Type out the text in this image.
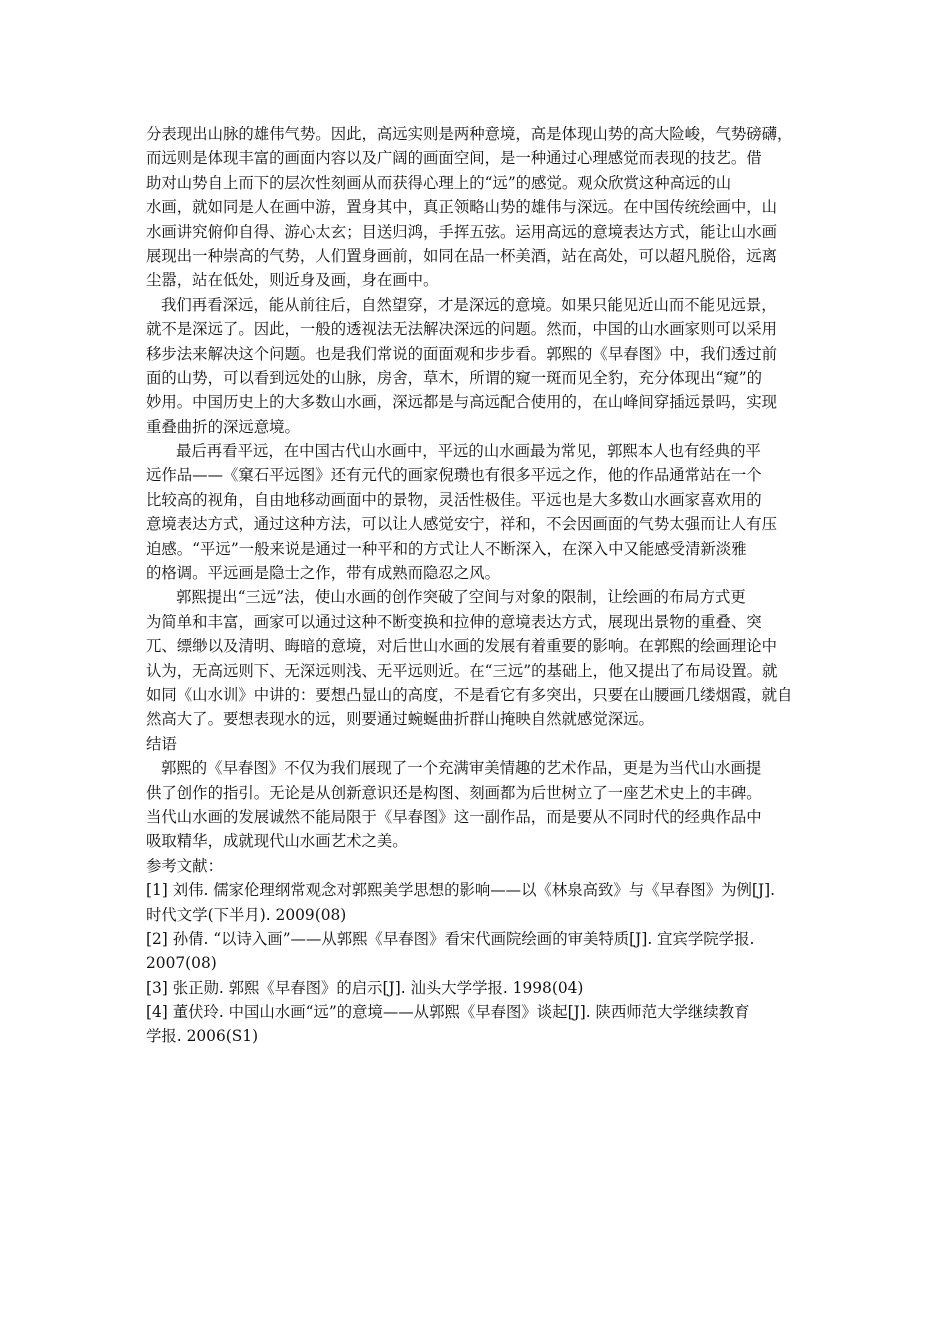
分表现出山脉的雄伟气势。因此，高远实则是两种意境，高是体现山势的高大险峻，气势磅礴，
而远则是体现丰富的画面内容以及广阔的画面空间，是一种通过心理感觉而表现的技艺。借
助对山势自上而下的层次性刻画从而获得心理上的“远”的感觉。观众欣赏这种高远的山
水画，就如同是人在画中游，置身其中，真正领略山势的雄伟与深远。在中国传统绘画中，山
水画讲究俯仰自得、游心太玄；目送归鸿，手挥五弦。运用高远的意境表达方式，能让山水画
展现出一种崇高的气势，人们置身画前，如同在品一杯美酒，站在高处，可以超凡脱俗，远离
尘嚣，站在低处，则近身及画，身在画中。
我们再看深远，能从前往后，自然望穿，才是深远的意境。如果只能见近山而不能见远景，
就不是深远了。因此，一般的透视法无法解决深远的问题。然而，中国的山水画家则可以采用
移步法来解决这个问题。也是我们常说的面面观和步步看。郭熙的《早春图》中，我们透过前
面的山势，可以看到远处的山脉，房舍，草木，所谓的窥一斑而见全豹，充分体现出“窥”的
妙用。中国历史上的大多数山水画，深远都是与高远配合使用的，在山峰间穿插远景吗，实现
重叠曲折的深远意境。
最后再看平远，在中国古代山水画中，平远的山水画最为常见，郭熙本人也有经典的平
远作品——《窠石平远图》还有元代的画家倪瓒也有很多平远之作，他的作品通常站在一个
比较高的视角，自由地移动画面中的景物，灵活性极佳。平远也是大多数山水画家喜欢用的
意境表达方式，通过这种方法，可以让人感觉安宁，祥和，不会因画面的气势太强而让人有压
迫感。“平远”一般来说是通过一种平和的方式让人不断深入，在深入中又能感受清新淡雅
的格调。平远画是隐士之作，带有成熟而隐忍之风。
郭熙提出“三远”法，使山水画的创作突破了空间与对象的限制，让绘画的布局方式更
为简单和丰富，画家可以通过这种不断变换和拉伸的意境表达方式，展现出景物的重叠、突
兀、缥缈以及清明、晦暗的意境，对后世山水画的发展有着重要的影响。在郭熙的绘画理论中
认为，无高远则下、无深远则浅、无平远则近。在“三远”的基础上，他又提出了布局设置。就
如同《山水训》中讲的：要想凸显山的高度，不是看它有多突出，只要在山腰画几缕烟霞，就自
然高大了。要想表现水的远，则要通过蜿蜒曲折群山掩映自然就感觉深远。
结语
郭熙的《早春图》不仅为我们展现了一个充满审美情趣的艺术作品，更是为当代山水画提
供了创作的指引。无论是从创新意识还是构图、刻画都为后世树立了一座艺术史上的丰碑。
当代山水画的发展诚然不能局限于《早春图》这一副作品，而是要从不同时代的经典作品中
吸取精华，成就现代山水画艺术之美。
参考文献：
[1] 刘伟. 儒家伦理纲常观念对郭熙美学思想的影响——以《林泉高致》与《早春图》为例[J].
时代文学(下半月). 2009(08)
[2] 孙倩. “以诗入画”——从郭熙《早春图》看宋代画院绘画的审美特质[J]. 宜宾学院学报.
2007(08)
[3] 张正勋. 郭熙《早春图》的启示[J]. 汕头大学学报. 1998(04)
[4] 董伏玲. 中国山水画“远”的意境——从郭熙《早春图》谈起[J]. 陕西师范大学继续教育
学报. 2006(S1)
